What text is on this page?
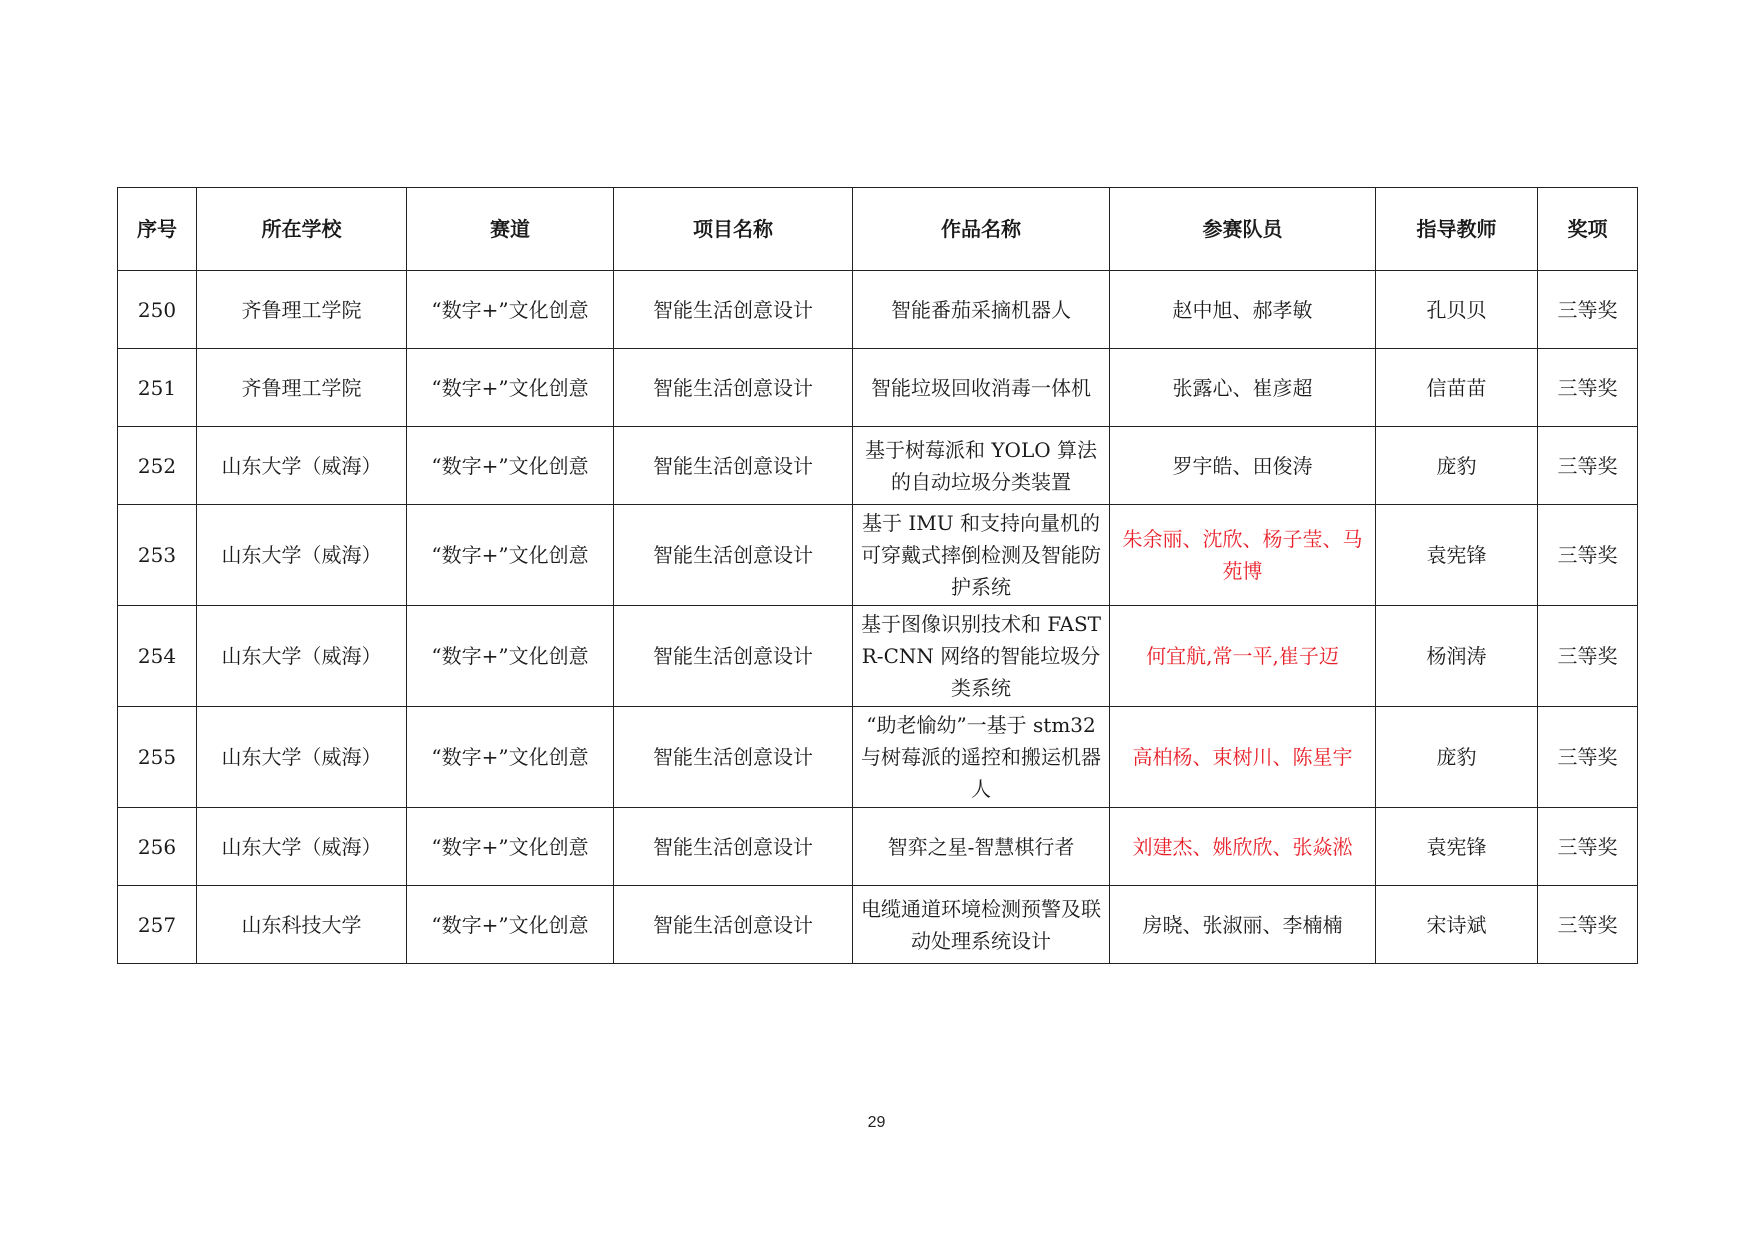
序号	所在学校	赛道	项目名称	作品名称	参赛队员	指导教师	奖项
250	齐鲁理工学院	“数字+”文化创意	智能生活创意设计	智能番茄采摘机器人	赵中旭、郝孝敏	孔贝贝	三等奖
251	齐鲁理工学院	“数字+”文化创意	智能生活创意设计	智能垃圾回收消毒一体机	张露心、崔彦超	信苗苗	三等奖
252	山东大学（威海）	“数字+”文化创意	智能生活创意设计	基于树莓派和 YOLO 算法的自动垃圾分类装置	罗宇皓、田俊涛	庞豹	三等奖
253	山东大学（威海）	“数字+”文化创意	智能生活创意设计	基于 IMU 和支持向量机的可穿戴式摔倒检测及智能防护系统	朱余丽、沈欣、杨子莹、马苑博	袁宪锋	三等奖
254	山东大学（威海）	“数字+”文化创意	智能生活创意设计	基于图像识别技术和 FAST R-CNN 网络的智能垃圾分类系统	何宜航,常一平,崔子迈	杨润涛	三等奖
255	山东大学（威海）	“数字+”文化创意	智能生活创意设计	“助老愉幼”一基于 stm32 与树莓派的遥控和搬运机器人	高柏杨、束树川、陈星宇	庞豹	三等奖
256	山东大学（威海）	“数字+”文化创意	智能生活创意设计	智弈之星-智慧棋行者	刘建杰、姚欣欣、张焱淞	袁宪锋	三等奖
257	山东科技大学	“数字+”文化创意	智能生活创意设计	电缆通道环境检测预警及联动处理系统设计	房晓、张淑丽、李楠楠	宋诗斌	三等奖
29
